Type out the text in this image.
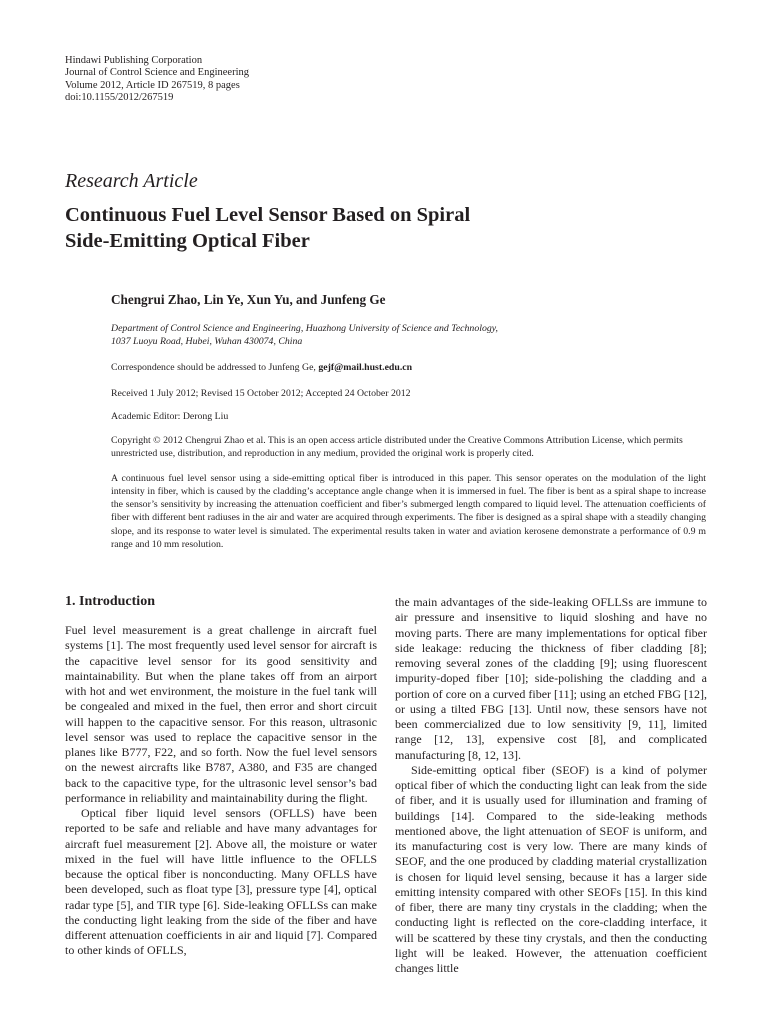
Hindawi Publishing Corporation
Journal of Control Science and Engineering
Volume 2012, Article ID 267519, 8 pages
doi:10.1155/2012/267519
Research Article
Continuous Fuel Level Sensor Based on Spiral
Side-Emitting Optical Fiber
Chengrui Zhao, Lin Ye, Xun Yu, and Junfeng Ge
Department of Control Science and Engineering, Huazhong University of Science and Technology,
1037 Luoyu Road, Hubei, Wuhan 430074, China
Correspondence should be addressed to Junfeng Ge, gejf@mail.hust.edu.cn
Received 1 July 2012; Revised 15 October 2012; Accepted 24 October 2012
Academic Editor: Derong Liu
Copyright © 2012 Chengrui Zhao et al. This is an open access article distributed under the Creative Commons Attribution License, which permits unrestricted use, distribution, and reproduction in any medium, provided the original work is properly cited.
A continuous fuel level sensor using a side-emitting optical fiber is introduced in this paper. This sensor operates on the modulation of the light intensity in fiber, which is caused by the cladding’s acceptance angle change when it is immersed in fuel. The fiber is bent as a spiral shape to increase the sensor’s sensitivity by increasing the attenuation coefficient and fiber’s submerged length compared to liquid level. The attenuation coefficients of fiber with different bent radiuses in the air and water are acquired through experiments. The fiber is designed as a spiral shape with a steadily changing slope, and its response to water level is simulated. The experimental results taken in water and aviation kerosene demonstrate a performance of 0.9 m range and 10 mm resolution.
1. Introduction

Fuel level measurement is a great challenge in aircraft fuel systems [1]. The most frequently used level sensor for aircraft is the capacitive level sensor for its good sensitivity and maintainability. But when the plane takes off from an airport with hot and wet environment, the moisture in the fuel tank will be congealed and mixed in the fuel, then error and short circuit will happen to the capacitive sensor. For this reason, ultrasonic level sensor was used to replace the capacitive sensor in the planes like B777, F22, and so forth. Now the fuel level sensors on the newest aircrafts like B787, A380, and F35 are changed back to the capacitive type, for the ultrasonic level sensor’s bad performance in reliability and maintainability during the flight.

Optical fiber liquid level sensors (OFLLS) have been reported to be safe and reliable and have many advantages for aircraft fuel measurement [2]. Above all, the moisture or water mixed in the fuel will have little influence to the OFLLS because the optical fiber is nonconducting. Many OFLLS have been developed, such as float type [3], pressure type [4], optical radar type [5], and TIR type [6]. Side-leaking OFLLSs can make the conducting light leaking from the side of the fiber and have different attenuation coefficients in air and liquid [7]. Compared to other kinds of OFLLS,

the main advantages of the side-leaking OFLLSs are immune to air pressure and insensitive to liquid sloshing and have no moving parts. There are many implementations for optical fiber side leakage: reducing the thickness of fiber cladding [8]; removing several zones of the cladding [9]; using fluorescent impurity-doped fiber [10]; side-polishing the cladding and a portion of core on a curved fiber [11]; using an etched FBG [12], or using a tilted FBG [13]. Until now, these sensors have not been commercialized due to low sensitivity [9, 11], limited range [12, 13], expensive cost [8], and complicated manufacturing [8, 12, 13].

Side-emitting optical fiber (SEOF) is a kind of polymer optical fiber of which the conducting light can leak from the side of fiber, and it is usually used for illumination and framing of buildings [14]. Compared to the side-leaking methods mentioned above, the light attenuation of SEOF is uniform, and its manufacturing cost is very low. There are many kinds of SEOF, and the one produced by cladding material crystallization is chosen for liquid level sensing, because it has a larger side emitting intensity compared with other SEOFs [15]. In this kind of fiber, there are many tiny crystals in the cladding; when the conducting light is reflected on the core-cladding interface, it will be scattered by these tiny crystals, and then the conducting light will be leaked. However, the attenuation coefficient changes little
